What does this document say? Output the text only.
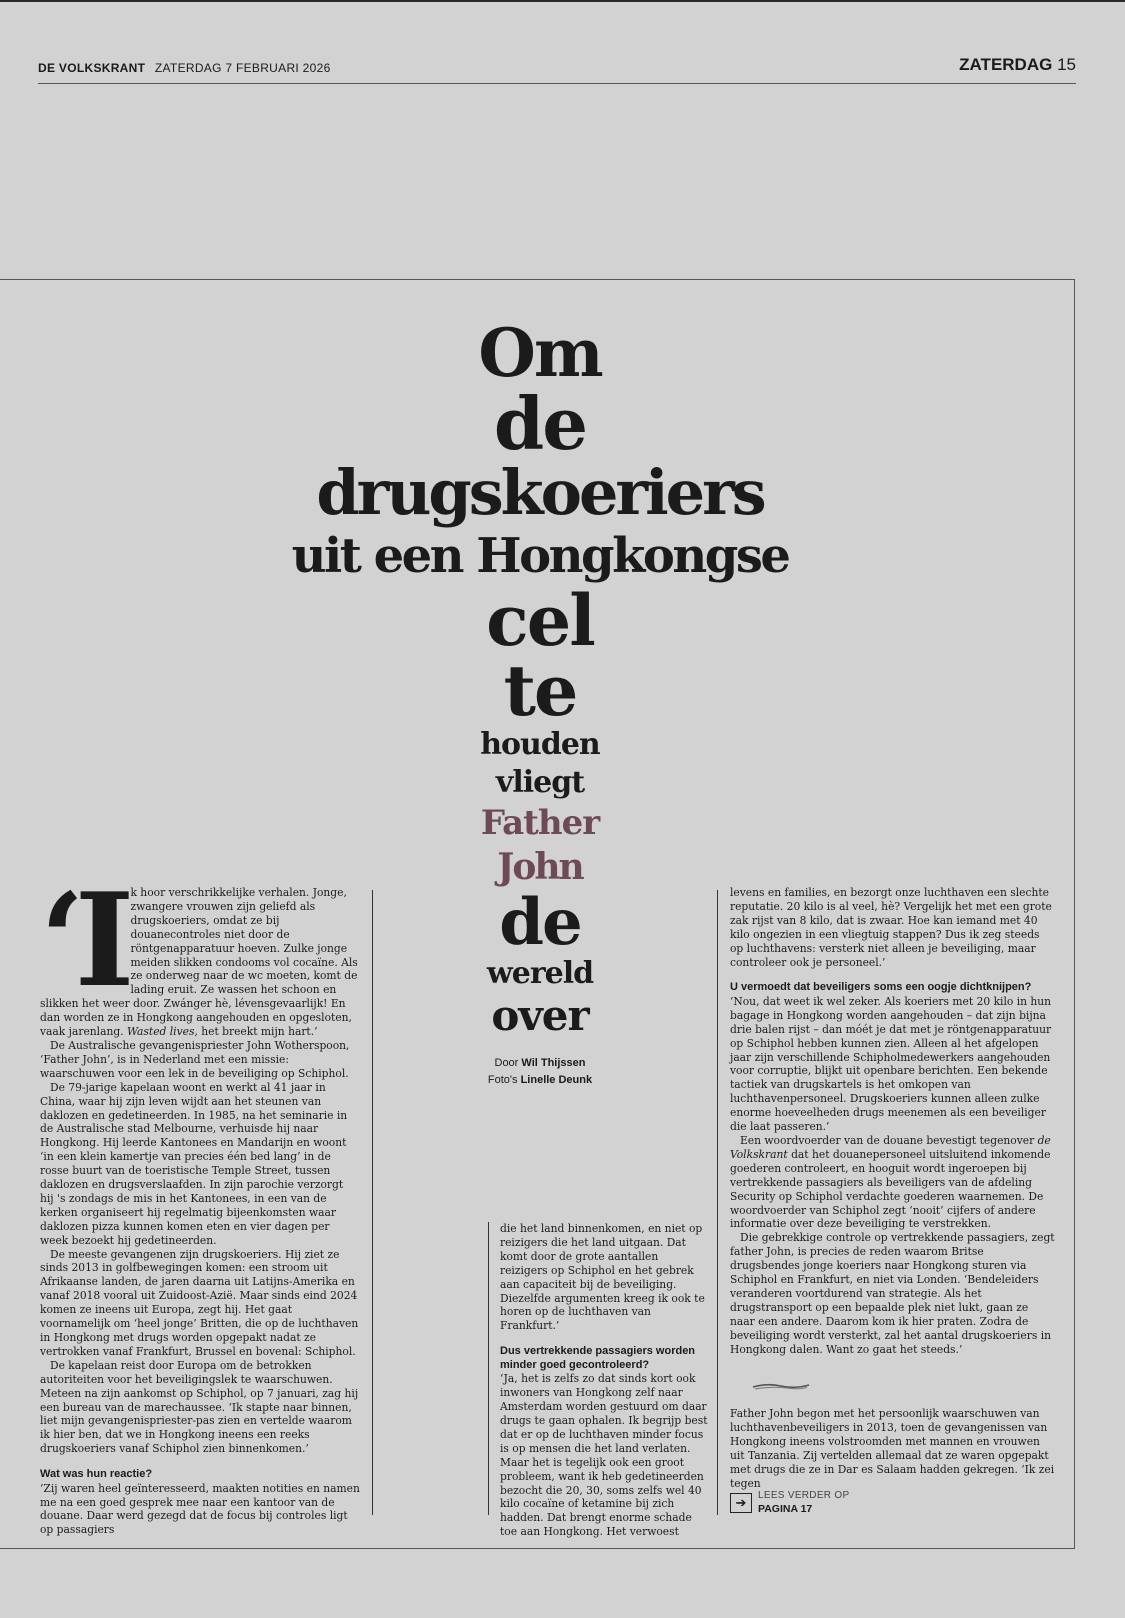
DE VOLKSKRANT ZATERDAG 7 FEBRUARI 2026	ZATERDAG 15
Om
de
drugskoeriers
uit een Hongkongse
cel
te
houden
vliegt
Father
John
de
wereld
over
Door Wil Thijssen
Foto's Linelle Deunk
‘I k hoor verschrikkelijke verhalen. Jonge, zwangere vrouwen zijn geliefd als drugskoeriers, omdat ze bij douanecontroles niet door de röntgenapparatuur hoeven. Zulke jonge meiden slikken condooms vol cocaïne. Als ze onderweg naar de wc moeten, komt de lading eruit. Ze wassen het schoon en slikken het weer door. Zwánger hè, lévensgevaarlijk! En dan worden ze in Hongkong aangehouden en opgesloten, vaak jarenlang. Wasted lives, het breekt mijn hart.’

De Australische gevangenispriester John Wotherspoon, ‘Father John’, is in Nederland met een missie: waarschuwen voor een lek in de beveiliging op Schiphol.

De 79-jarige kapelaan woont en werkt al 41 jaar in China, waar hij zijn leven wijdt aan het steunen van daklozen en gedetineerden. In 1985, na het seminarie in de Australische stad Melbourne, verhuisde hij naar Hongkong. Hij leerde Kantonees en Mandarijn en woont ‘in een klein kamertje van precies één bed lang’ in de rosse buurt van de toeristische Temple Street, tussen daklozen en drugsverslaafden. In zijn parochie verzorgt hij 's zondags de mis in het Kantonees, in een van de kerken organiseert hij regelmatig bijeenkomsten waar daklozen pizza kunnen komen eten en vier dagen per week bezoekt hij gedetineerden.

De meeste gevangenen zijn drugskoeriers. Hij ziet ze sinds 2013 in golfbewegingen komen: een stroom uit Afrikaanse landen, de jaren daarna uit Latijns-Amerika en vanaf 2018 vooral uit Zuidoost-Azië. Maar sinds eind 2024 komen ze ineens uit Europa, zegt hij. Het gaat voornamelijk om ‘heel jonge’ Britten, die op de luchthaven in Hongkong met drugs worden opgepakt nadat ze vertrokken vanaf Frankfurt, Brussel en bovenal: Schiphol.

De kapelaan reist door Europa om de betrokken autoriteiten voor het beveiligingslek te waarschuwen. Meteen na zijn aankomst op Schiphol, op 7 januari, zag hij een bureau van de marechaussee. ‘Ik stapte naar binnen, liet mijn gevangenispriester-pas zien en vertelde waarom ik hier ben, dat we in Hongkong ineens een reeks drugskoeriers vanaf Schiphol zien binnenkomen.’

Wat was hun reactie?

‘Zij waren heel geïnteresseerd, maakten notities en namen me na een goed gesprek mee naar een kantoor van de douane. Daar werd gezegd dat de focus bij controles ligt op passagiers

die het land binnenkomen, en niet op reizigers die het land uitgaan. Dat komt door de grote aantallen reizigers op Schiphol en het gebrek aan capaciteit bij de beveiliging. Diezelfde argumenten kreeg ik ook te horen op de luchthaven van Frankfurt.’

Dus vertrekkende passagiers worden minder goed gecontroleerd?

‘Ja, het is zelfs zo dat sinds kort ook inwoners van Hongkong zelf naar Amsterdam worden gestuurd om daar drugs te gaan ophalen. Ik begrijp best dat er op de luchthaven minder focus is op mensen die het land verlaten. Maar het is tegelijk ook een groot probleem, want ik heb gedetineerden bezocht die 20, 30, soms zelfs wel 40 kilo cocaïne of ketamine bij zich hadden. Dat brengt enorme schade toe aan Hongkong. Het verwoest

levens en families, en bezorgt onze luchthaven een slechte reputatie. 20 kilo is al veel, hè? Vergelijk het met een grote zak rijst van 8 kilo, dat is zwaar. Hoe kan iemand met 40 kilo ongezien in een vliegtuig stappen? Dus ik zeg steeds op luchthavens: versterk niet alleen je beveiliging, maar controleer ook je personeel.’

U vermoedt dat beveiligers soms een oogje dichtknijpen?

‘Nou, dat weet ik wel zeker. Als koeriers met 20 kilo in hun bagage in Hongkong worden aangehouden – dat zijn bijna drie balen rijst – dan móét je dat met je röntgenapparatuur op Schiphol hebben kunnen zien. Alleen al het afgelopen jaar zijn verschillende Schipholmedewerkers aangehouden voor corruptie, blijkt uit openbare berichten. Een bekende tactiek van drugskartels is het omkopen van luchthavenpersoneel. Drugskoeriers kunnen alleen zulke enorme hoeveelheden drugs meenemen als een beveiliger die laat passeren.’

Een woordvoerder van de douane bevestigt tegenover de Volkskrant dat het douanepersoneel uitsluitend inkomende goederen controleert, en hooguit wordt ingeroepen bij vertrekkende passagiers als beveiligers van de afdeling Security op Schiphol verdachte goederen waarnemen. De woordvoerder van Schiphol zegt ‘nooit’ cijfers of andere informatie over deze beveiliging te verstrekken.

Die gebrekkige controle op vertrekkende passagiers, zegt father John, is precies de reden waarom Britse drugsbendes jonge koeriers naar Hongkong sturen via Schiphol en Frankfurt, en niet via Londen. ‘Bendeleiders veranderen voortdurend van strategie. Als het drugstransport op een bepaalde plek niet lukt, gaan ze naar een andere. Daarom kom ik hier praten. Zodra de beveiliging wordt versterkt, zal het aantal drugskoeriers in Hongkong dalen. Want zo gaat het steeds.’

Father John begon met het persoonlijk waarschuwen van luchthavenbeveiligers in 2013, toen de gevangenissen van Hongkong ineens volstroomden met mannen en vrouwen uit Tanzania. Zij vertelden allemaal dat ze waren opgepakt met drugs die ze in Dar es Salaam hadden gekregen. ‘Ik zei tegen

➔	LEES VERDER OP
PAGINA 17
